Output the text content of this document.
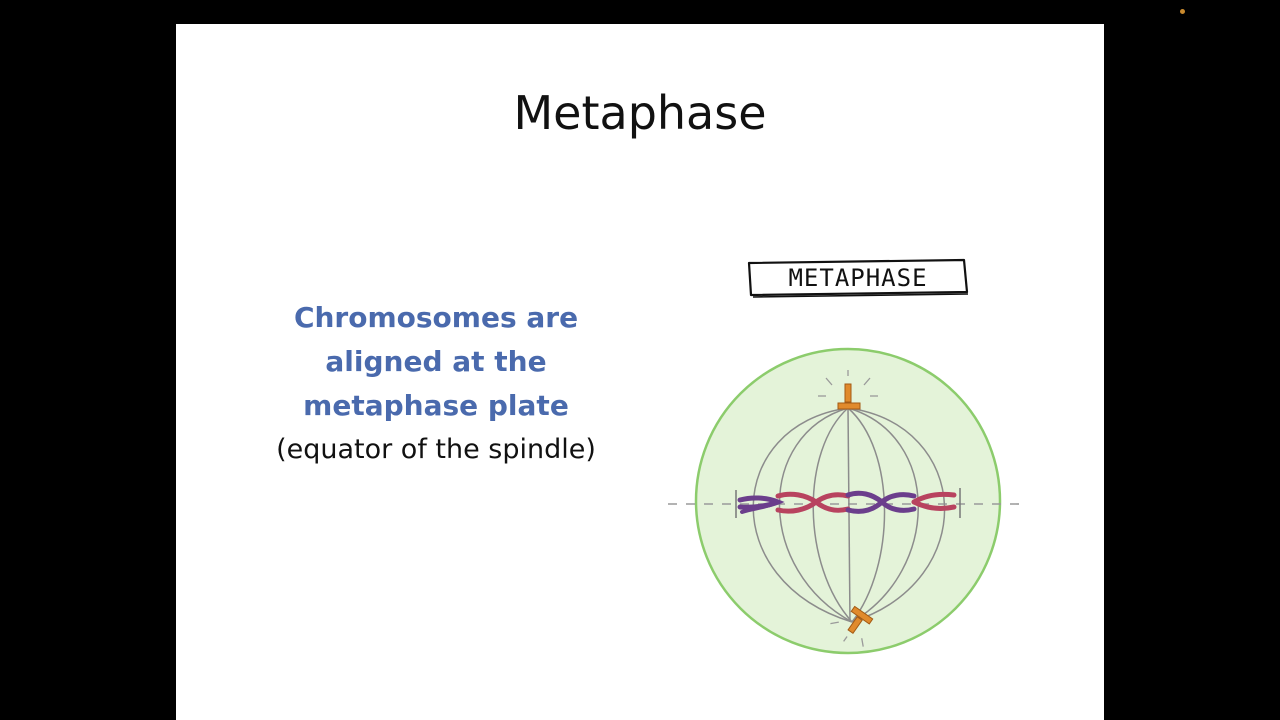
Metaphase
Chromosomes are
aligned at the
metaphase plate
(equator of the spindle)
METAPHASE
